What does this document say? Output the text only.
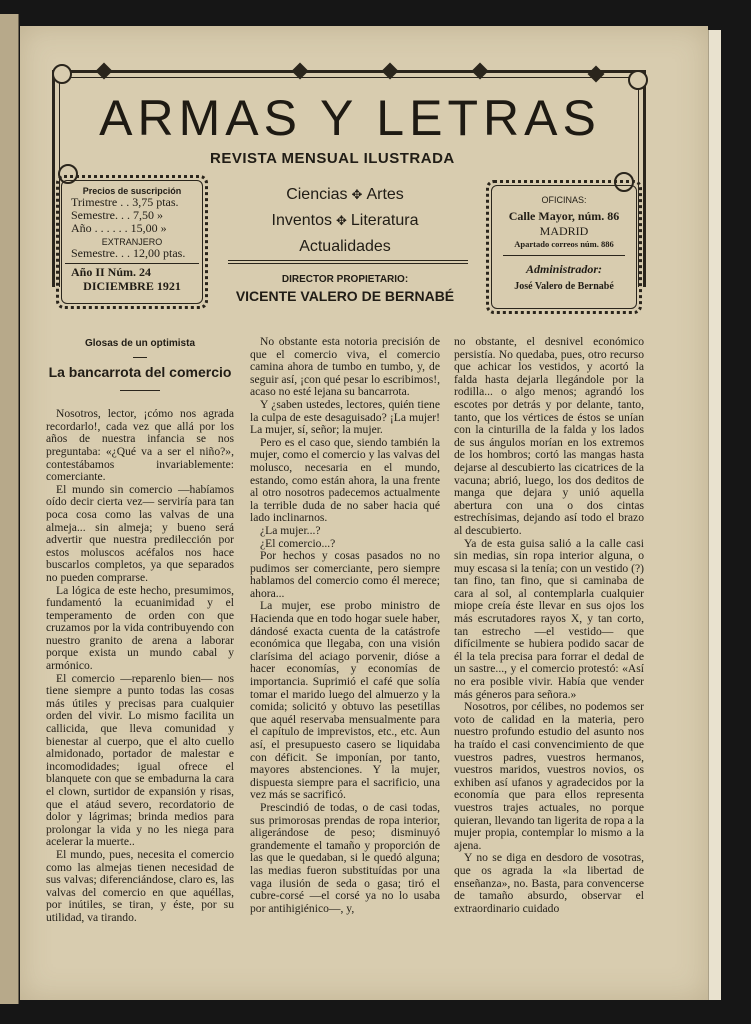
ARMAS Y LETRAS
REVISTA MENSUAL ILUSTRADA
Precios de suscripción
Trimestre . . 3,75 ptas.
Semestre. . . 7,50 »
Año . . . . . . 15,00 »
EXTRANJERO
Semestre. . . 12,00 ptas.
Año II Núm. 24
DICIEMBRE 1921
Ciencias ✥ Artes
Inventos ✥ Literatura
Actualidades
DIRECTOR PROPIETARIO:
VICENTE VALERO DE BERNABÉ
OFICINAS:
Calle Mayor, núm. 86
MADRID
Apartado correos núm. 886
Administrador:
José Valero de Bernabé
Glosas de un optimista
La bancarrota del comercio

Nosotros, lector, ¡cómo nos agrada recordarlo!, cada vez que allá por los años de nuestra infancia se nos preguntaba: «¿Qué va a ser el niño?», contestábamos invariablemente: comerciante.

El mundo sin comercio —habíamos oído decir cierta vez— serviría para tan poca cosa como las valvas de una almeja... sin almeja; y bueno será advertir que nuestra predilección por estos moluscos acéfalos nos hace buscarlos completos, ya que separados no pueden comprarse.

La lógica de este hecho, presumimos, fundamentó la ecuanimidad y el temperamento de orden con que cruzamos por la vida contribuyendo con nuestro granito de arena a laborar porque exista un mundo cabal y armónico.

El comercio —reparenlo bien— nos tiene siempre a punto todas las cosas más útiles y precisas para cualquier orden del vivir. Lo mismo facilita un callicida, que lleva comunidad y bienestar al cuerpo, que el alto cuello almidonado, portador de malestar e incomodidades; igual ofrece el blanquete con que se embadurna la cara el clown, surtidor de expansión y risas, que el atáud severo, recordatorio de dolor y lágrimas; brinda medios para prolongar la vida y no les niega para acelerar la muerte..

El mundo, pues, necesita el comercio como las almejas tienen necesidad de sus valvas; diferenciándose, claro es, las valvas del comercio en que aquéllas, por inútiles, se tiran, y éste, por su utilidad, va tirando.

No obstante esta notoria precisión de que el comercio viva, el comercio camina ahora de tumbo en tumbo, y, de seguir así, ¡con qué pesar lo escribimos!, acaso no esté lejana su bancarrota.

Y ¿saben ustedes, lectores, quién tiene la culpa de este desaguisado? ¡La mujer! La mujer, sí, señor; la mujer.

Pero es el caso que, siendo también la mujer, como el comercio y las valvas del molusco, necesaria en el mundo, estando, como están ahora, la una frente al otro nosotros padecemos actualmente la terrible duda de no saber hacia qué lado inclinarnos.

¿La mujer...?

¿El comercio...?

Por hechos y cosas pasados no no pudimos ser comerciante, pero siempre hablamos del comercio como él merece; ahora...

La mujer, ese probo ministro de Hacienda que en todo hogar suele haber, dándosé exacta cuenta de la catástrofe económica que llegaba, con una visión clarísima del aciago porvenir, dióse a hacer economías, y economías de importancia. Suprimió el café que solía tomar el marido luego del almuerzo y la comida; solicitó y obtuvo las pesetillas que aquél reservaba mensualmente para el capítulo de imprevistos, etc., etc. Aun así, el presupuesto casero se liquidaba con déficit. Se imponían, por tanto, mayores abstenciones. Y la mujer, dispuesta siempre para el sacrificio, una vez más se sacrificó.

Prescindió de todas, o de casi todas, sus primorosas prendas de ropa interior, aligerándose de peso; disminuyó grandemente el tamaño y proporción de las que le quedaban, si le quedó alguna; las medias fueron substituídas por una vaga ilusión de seda o gasa; tiró el cubre-corsé —el corsé ya no lo usaba por antihigiénico—, y,

no obstante, el desnivel económico persistía. No quedaba, pues, otro recurso que achicar los vestidos, y acortó la falda hasta dejarla llegándole por la rodilla... o algo menos; agrandó los escotes por detrás y por delante, tanto, tanto, que los vértices de éstos se unían con la cinturilla de la falda y los lados de sus ángulos morían en los extremos de los hombros; cortó las mangas hasta dejarse al descubierto las cicatrices de la vacuna; abrió, luego, los dos deditos de manga que dejara y unió aquella abertura con una o dos cintas estrechísimas, dejando así todo el brazo al descubierto.

Ya de esta guisa salió a la calle casi sin medias, sin ropa interior alguna, o muy escasa si la tenía; con un vestido (?) tan fino, tan fino, que si caminaba de cara al sol, al contemplarla cualquier miope creía éste llevar en sus ojos los más escrutadores rayos X, y tan corto, tan estrecho —el vestido— que difícilmente se hubiera podido sacar de él la tela precisa para forrar el dedal de un sastre..., y el comercio protestó: «Así no era posible vivir. Había que vender más géneros para señora.»

Nosotros, por célibes, no podemos ser voto de calidad en la materia, pero nuestro profundo estudio del asunto nos ha traído el casi convencimiento de que vuestros padres, vuestros hermanos, vuestros maridos, vuestros novios, os exhiben así ufanos y agradecidos por la economía que para ellos representa vuestros trajes actuales, no porque quieran, llevando tan ligerita de ropa a la mujer propia, contemplar lo mismo a la ajena.

Y no se diga en desdoro de vosotras, que os agrada la «la libertad de enseñanza», no. Basta, para convencerse de tamaño absurdo, observar el extraordinario cuidado
